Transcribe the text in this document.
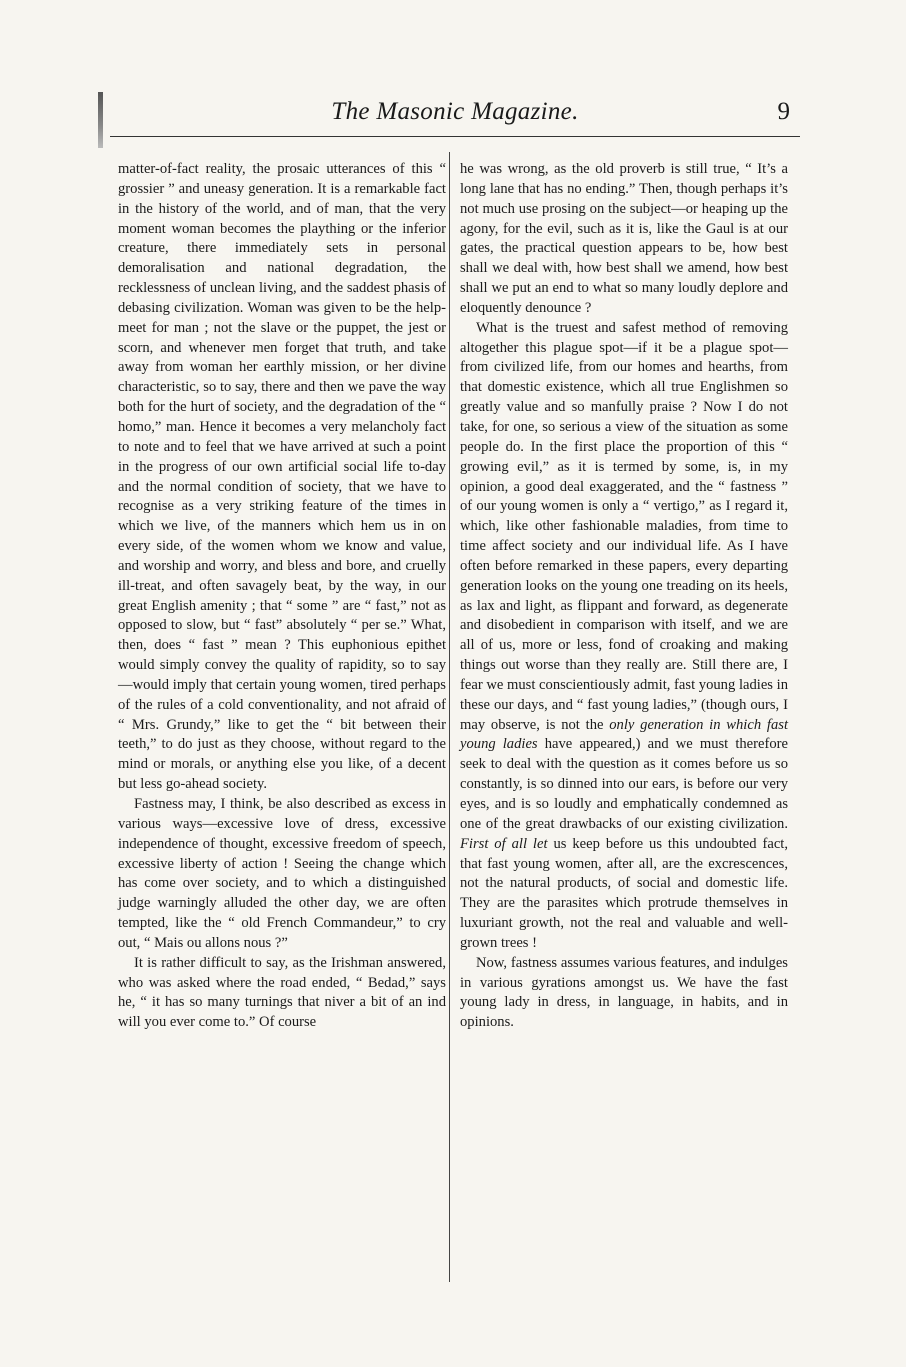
The Masonic Magazine.	9

matter-of-fact reality, the prosaic utterances of this “ grossier ” and uneasy generation. It is a remarkable fact in the history of the world, and of man, that the very moment woman becomes the plaything or the inferior creature, there immediately sets in personal demoralisation and national degradation, the recklessness of unclean living, and the saddest phasis of debasing civilization. Woman was given to be the help-meet for man ; not the slave or the puppet, the jest or scorn, and whenever men forget that truth, and take away from woman her earthly mission, or her divine characteristic, so to say, there and then we pave the way both for the hurt of society, and the degradation of the “ homo,” man. Hence it becomes a very melancholy fact to note and to feel that we have arrived at such a point in the progress of our own artificial social life to-day and the normal condition of society, that we have to recognise as a very striking feature of the times in which we live, of the manners which hem us in on every side, of the women whom we know and value, and worship and worry, and bless and bore, and cruelly ill-treat, and often savagely beat, by the way, in our great English amenity ; that “ some ” are “ fast,” not as opposed to slow, but “ fast” absolutely “ per se.” What, then, does “ fast ” mean ? This euphonious epithet would simply convey the quality of rapidity, so to say—would imply that certain young women, tired perhaps of the rules of a cold conventionality, and not afraid of “ Mrs. Grundy,” like to get the “ bit between their teeth,” to do just as they choose, without regard to the mind or morals, or anything else you like, of a decent but less go-ahead society.

Fastness may, I think, be also described as excess in various ways—excessive love of dress, excessive independence of thought, excessive freedom of speech, excessive liberty of action ! Seeing the change which has come over society, and to which a distinguished judge warningly alluded the other day, we are often tempted, like the “ old French Commandeur,” to cry out, “ Mais ou allons nous ?”

It is rather difficult to say, as the Irishman answered, who was asked where the road ended, “ Bedad,” says he, “ it has so many turnings that niver a bit of an ind will you ever come to.” Of course

he was wrong, as the old proverb is still true, “ It’s a long lane that has no ending.” Then, though perhaps it’s not much use prosing on the subject—or heaping up the agony, for the evil, such as it is, like the Gaul is at our gates, the practical question appears to be, how best shall we deal with, how best shall we amend, how best shall we put an end to what so many loudly deplore and eloquently denounce ?

What is the truest and safest method of removing altogether this plague spot—if it be a plague spot—from civilized life, from our homes and hearths, from that domestic existence, which all true Englishmen so greatly value and so manfully praise ? Now I do not take, for one, so serious a view of the situation as some people do. In the first place the proportion of this “ growing evil,” as it is termed by some, is, in my opinion, a good deal exaggerated, and the “ fastness ” of our young women is only a “ vertigo,” as I regard it, which, like other fashionable maladies, from time to time affect society and our individual life. As I have often before remarked in these papers, every departing generation looks on the young one treading on its heels, as lax and light, as flippant and forward, as degenerate and disobedient in comparison with itself, and we are all of us, more or less, fond of croaking and making things out worse than they really are. Still there are, I fear we must conscientiously admit, fast young ladies in these our days, and “ fast young ladies,” (though ours, I may observe, is not the only generation in which fast young ladies have appeared,) and we must therefore seek to deal with the question as it comes before us so constantly, is so dinned into our ears, is before our very eyes, and is so loudly and emphatically condemned as one of the great drawbacks of our existing civilization. First of all let us keep before us this undoubted fact, that fast young women, after all, are the excrescences, not the natural products, of social and domestic life. They are the parasites which protrude themselves in luxuriant growth, not the real and valuable and well-grown trees !

Now, fastness assumes various features, and indulges in various gyrations amongst us. We have the fast young lady in dress, in language, in habits, and in opinions.
